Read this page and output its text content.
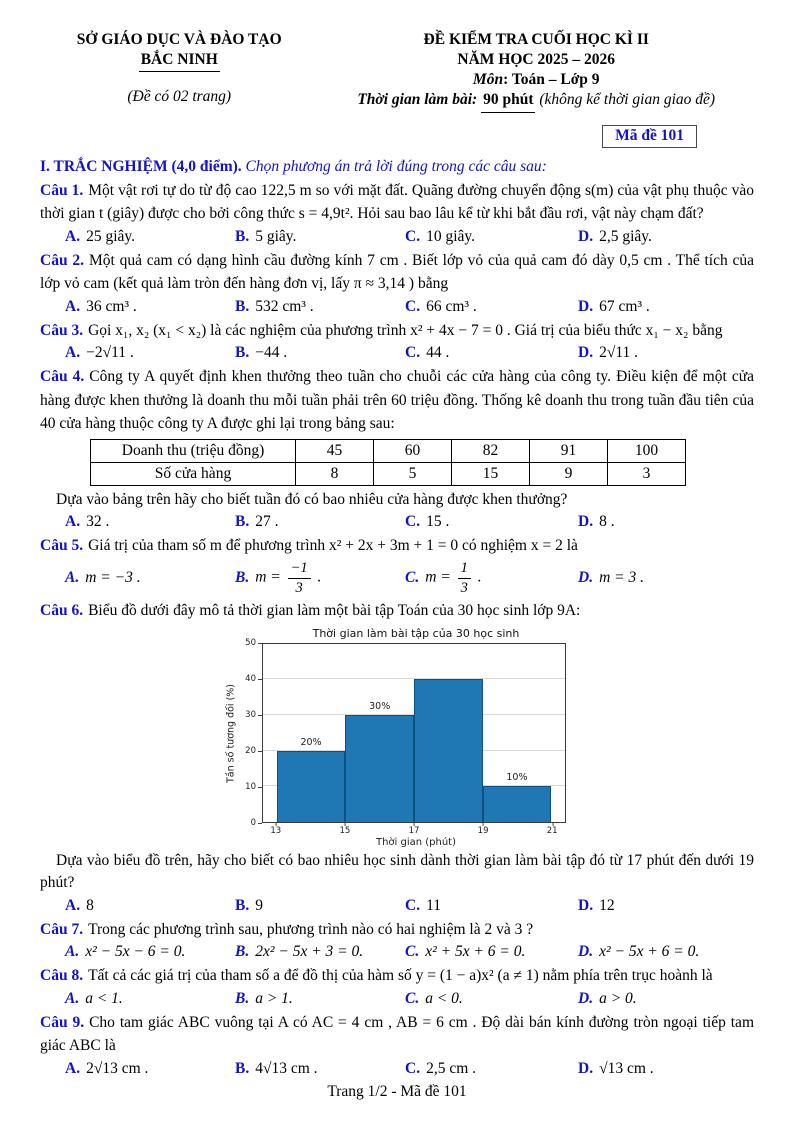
SỞ GIÁO DỤC VÀ ĐÀO TẠO
BẮC NINH
(Đề có 02 trang)
ĐỀ KIỂM TRA CUỐI HỌC KÌ II
NĂM HỌC 2025 – 2026
Môn: Toán – Lớp 9
Thời gian làm bài: 90 phút (không kể thời gian giao đề)
Mã đề 101

I. TRẮC NGHIỆM (4,0 điểm). Chọn phương án trả lời đúng trong các câu sau:

Câu 1. Một vật rơi tự do từ độ cao 122,5 m so với mặt đất. Quãng đường chuyển động s(m) của vật phụ thuộc vào thời gian t (giây) được cho bởi công thức s = 4,9t². Hỏi sau bao lâu kể từ khi bắt đầu rơi, vật này chạm đất?

A. 25 giây.	B. 5 giây.	C. 10 giây.	D. 2,5 giây.

Câu 2. Một quả cam có dạng hình cầu đường kính 7 cm . Biết lớp vỏ của quả cam đó dày 0,5 cm . Thể tích của lớp vỏ cam (kết quả làm tròn đến hàng đơn vị, lấy π ≈ 3,14 ) bằng

A. 36 cm³ .	B. 532 cm³ .	C. 66 cm³ .	D. 67 cm³ .

Câu 3. Gọi x₁, x₂ (x₁ < x₂) là các nghiệm của phương trình x² + 4x − 7 = 0 . Giá trị của biểu thức x₁ − x₂ bằng

A. −2√11 .	B. −44 .	C. 44 .	D. 2√11 .

Câu 4. Công ty A quyết định khen thưởng theo tuần cho chuỗi các cửa hàng của công ty. Điều kiện để một cửa hàng được khen thưởng là doanh thu mỗi tuần phải trên 60 triệu đồng. Thống kê doanh thu trong tuần đầu tiên của 40 cửa hàng thuộc công ty A được ghi lại trong bảng sau:

Doanh thu (triệu đồng)	45	60	82	91	100
Số cửa hàng	8	5	15	9	3

Dựa vào bảng trên hãy cho biết tuần đó có bao nhiêu cửa hàng được khen thưởng?

A. 32 .	B. 27 .	C. 15 .	D. 8 .

Câu 5. Giá trị của tham số m để phương trình x² + 2x + 3m + 1 = 0 có nghiệm x = 2 là

A. m = −3 .	B. $m = \frac{-1}{3}$ .	C. $m = \frac{1}{3}$ .	D. m = 3 .

Câu 6. Biểu đồ dưới đây mô tả thời gian làm một bài tập Toán của 30 học sinh lớp 9A:

Thời gian làm bài tập của 30 học sinh
Tần số tương đối (%)
0
10
20
30
40
50
20%
30%
10%
13	15	17	19	21
Thời gian (phút)

Dựa vào biểu đồ trên, hãy cho biết có bao nhiêu học sinh dành thời gian làm bài tập đó từ 17 phút đến dưới 19 phút?

A. 8	B. 9	C. 11	D. 12

Câu 7. Trong các phương trình sau, phương trình nào có hai nghiệm là 2 và 3 ?

A. x² − 5x − 6 = 0.	B. 2x² − 5x + 3 = 0.	C. x² + 5x + 6 = 0.	D. x² − 5x + 6 = 0.

Câu 8. Tất cả các giá trị của tham số a để đồ thị của hàm số y = (1 − a)x² (a ≠ 1) nằm phía trên trục hoành là

A. a < 1.	B. a > 1.	C. a < 0.	D. a > 0.

Câu 9. Cho tam giác ABC vuông tại A có AC = 4 cm , AB = 6 cm . Độ dài bán kính đường tròn ngoại tiếp tam giác ABC là

A. 2√13 cm .	B. 4√13 cm .	C. 2,5 cm .	D. √13 cm .
Trang 1/2 - Mã đề 101
